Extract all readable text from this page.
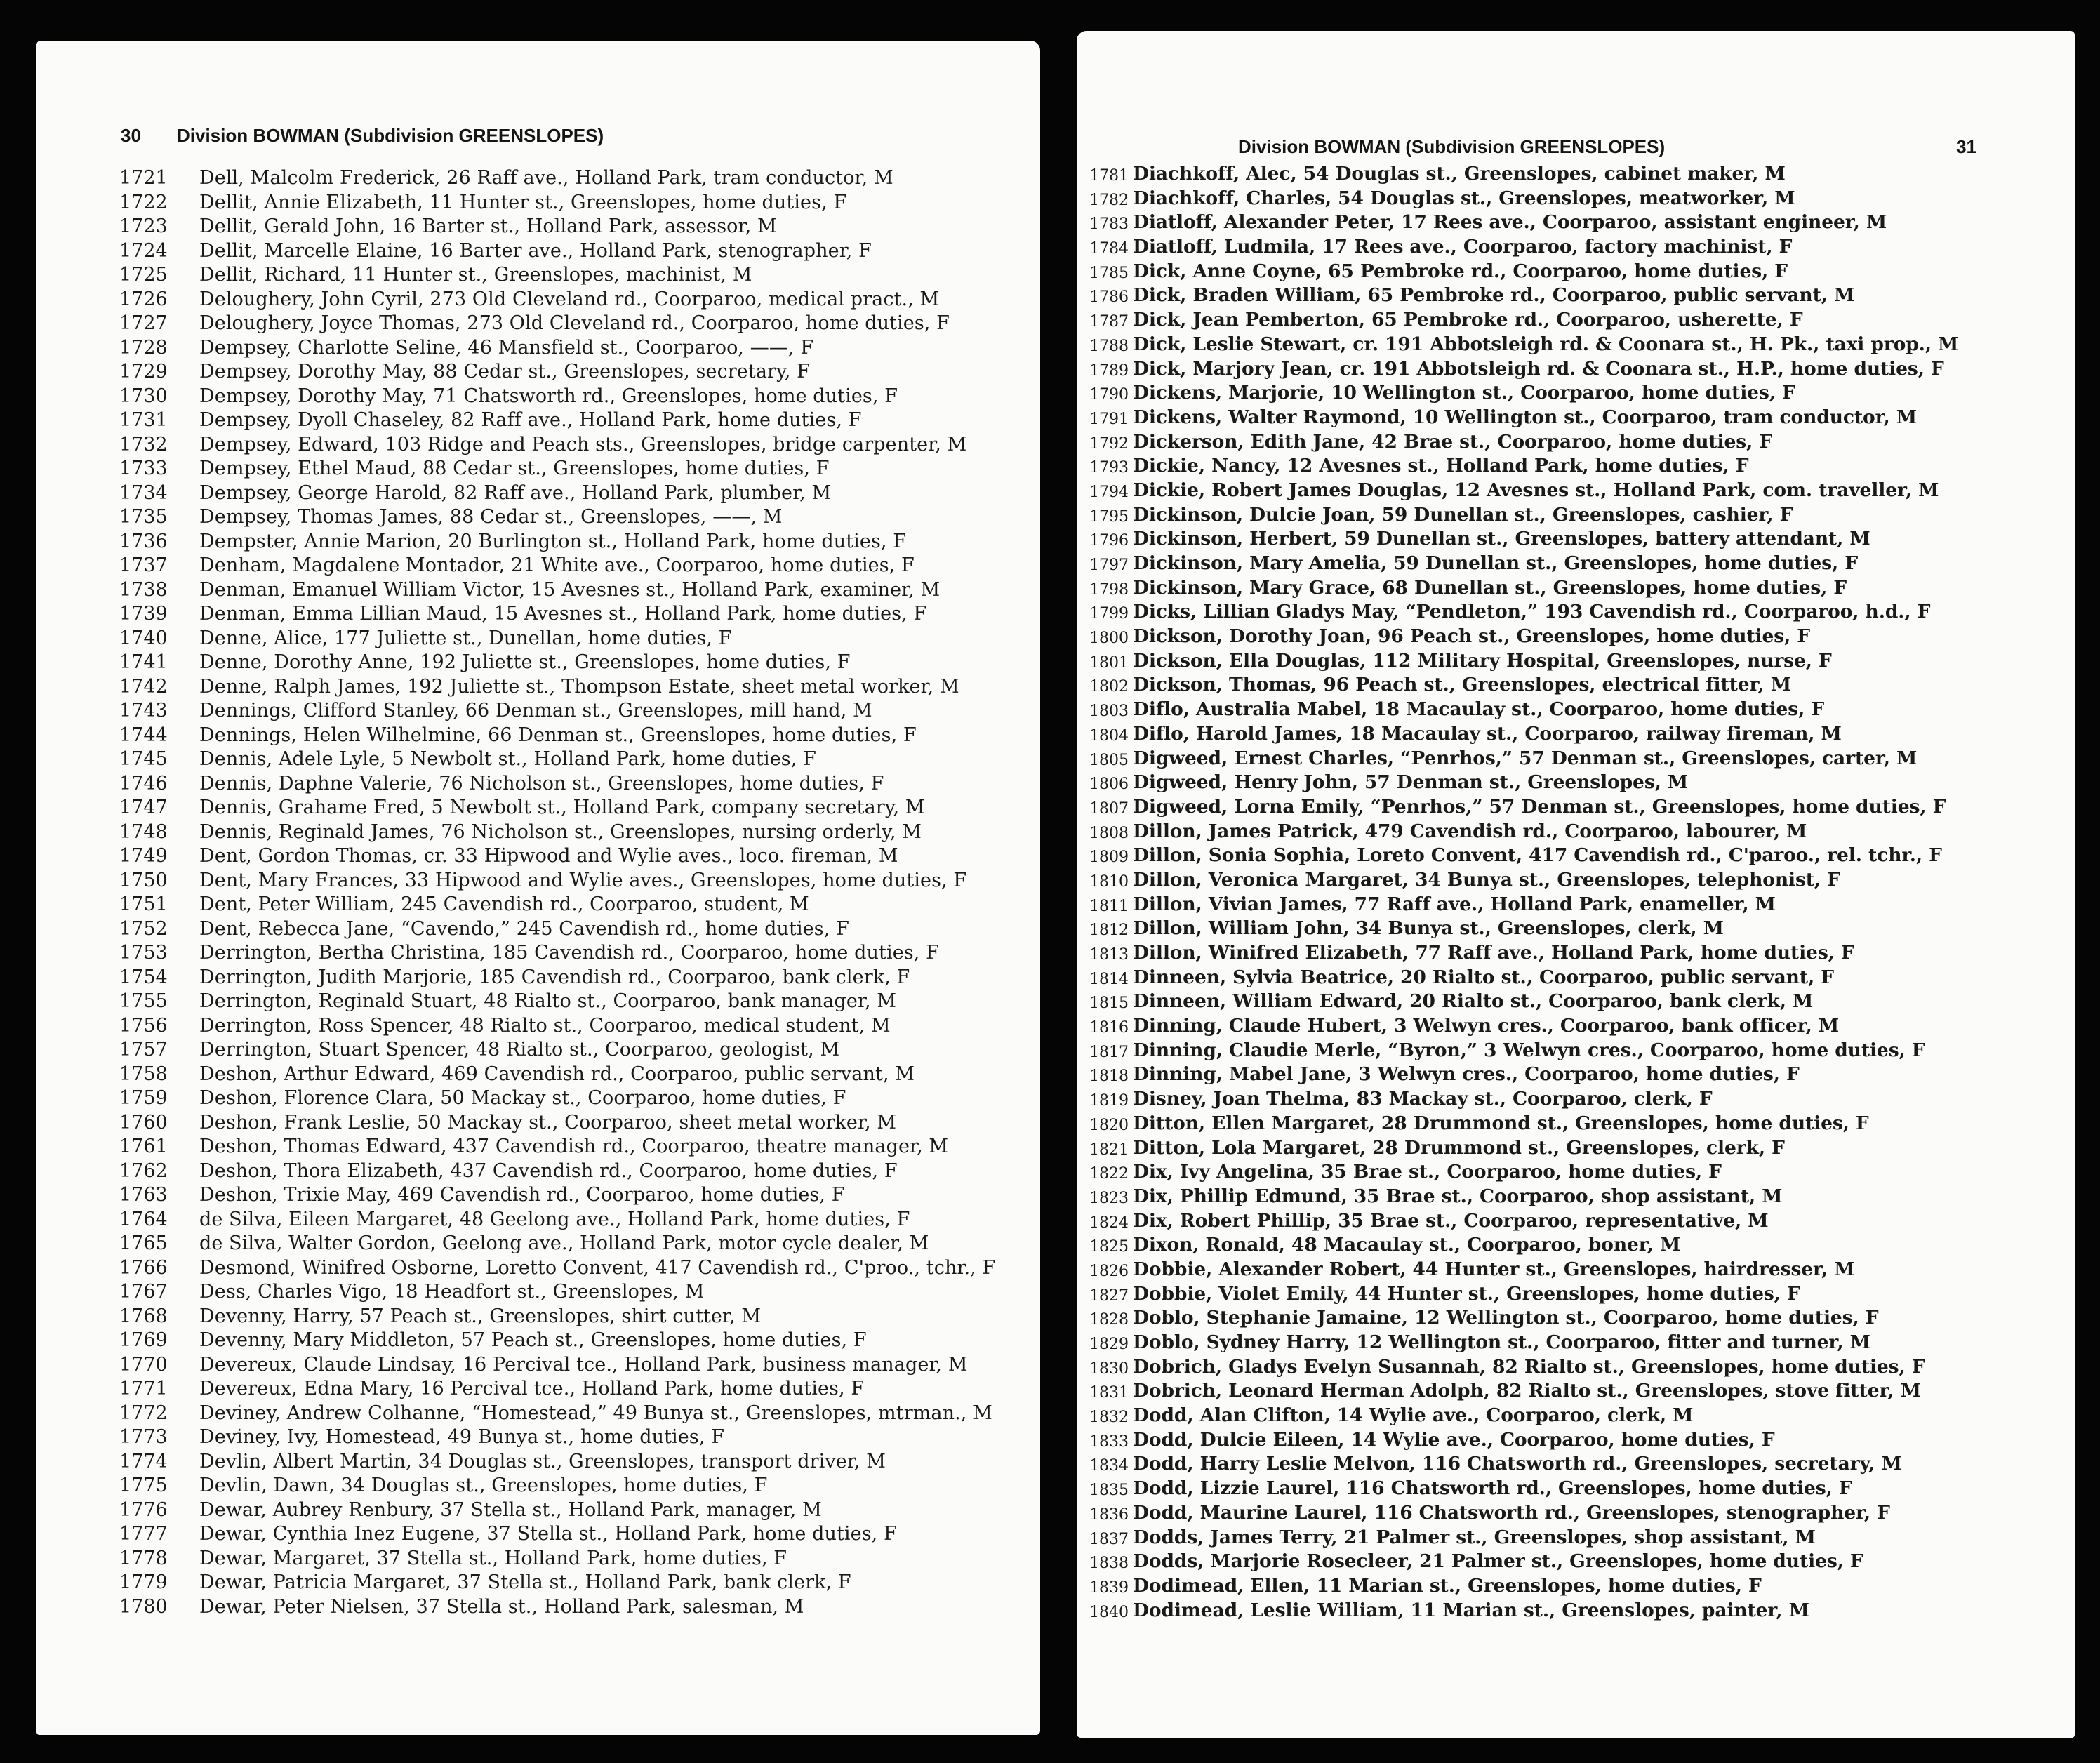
30	Division BOWMAN (Subdivision GREENSLOPES)
1721	Dell, Malcolm Frederick, 26 Raff ave., Holland Park, tram conductor, M
1722	Dellit, Annie Elizabeth, 11 Hunter st., Greenslopes, home duties, F
1723	Dellit, Gerald John, 16 Barter st., Holland Park, assessor, M
1724	Dellit, Marcelle Elaine, 16 Barter ave., Holland Park, stenographer, F
1725	Dellit, Richard, 11 Hunter st., Greenslopes, machinist, M
1726	Deloughery, John Cyril, 273 Old Cleveland rd., Coorparoo, medical pract., M
1727	Deloughery, Joyce Thomas, 273 Old Cleveland rd., Coorparoo, home duties, F
1728	Dempsey, Charlotte Seline, 46 Mansfield st., Coorparoo, ——, F
1729	Dempsey, Dorothy May, 88 Cedar st., Greenslopes, secretary, F
1730	Dempsey, Dorothy May, 71 Chatsworth rd., Greenslopes, home duties, F
1731	Dempsey, Dyoll Chaseley, 82 Raff ave., Holland Park, home duties, F
1732	Dempsey, Edward, 103 Ridge and Peach sts., Greenslopes, bridge carpenter, M
1733	Dempsey, Ethel Maud, 88 Cedar st., Greenslopes, home duties, F
1734	Dempsey, George Harold, 82 Raff ave., Holland Park, plumber, M
1735	Dempsey, Thomas James, 88 Cedar st., Greenslopes, ——, M
1736	Dempster, Annie Marion, 20 Burlington st., Holland Park, home duties, F
1737	Denham, Magdalene Montador, 21 White ave., Coorparoo, home duties, F
1738	Denman, Emanuel William Victor, 15 Avesnes st., Holland Park, examiner, M
1739	Denman, Emma Lillian Maud, 15 Avesnes st., Holland Park, home duties, F
1740	Denne, Alice, 177 Juliette st., Dunellan, home duties, F
1741	Denne, Dorothy Anne, 192 Juliette st., Greenslopes, home duties, F
1742	Denne, Ralph James, 192 Juliette st., Thompson Estate, sheet metal worker, M
1743	Dennings, Clifford Stanley, 66 Denman st., Greenslopes, mill hand, M
1744	Dennings, Helen Wilhelmine, 66 Denman st., Greenslopes, home duties, F
1745	Dennis, Adele Lyle, 5 Newbolt st., Holland Park, home duties, F
1746	Dennis, Daphne Valerie, 76 Nicholson st., Greenslopes, home duties, F
1747	Dennis, Grahame Fred, 5 Newbolt st., Holland Park, company secretary, M
1748	Dennis, Reginald James, 76 Nicholson st., Greenslopes, nursing orderly, M
1749	Dent, Gordon Thomas, cr. 33 Hipwood and Wylie aves., loco. fireman, M
1750	Dent, Mary Frances, 33 Hipwood and Wylie aves., Greenslopes, home duties, F
1751	Dent, Peter William, 245 Cavendish rd., Coorparoo, student, M
1752	Dent, Rebecca Jane, “Cavendo,” 245 Cavendish rd., home duties, F
1753	Derrington, Bertha Christina, 185 Cavendish rd., Coorparoo, home duties, F
1754	Derrington, Judith Marjorie, 185 Cavendish rd., Coorparoo, bank clerk, F
1755	Derrington, Reginald Stuart, 48 Rialto st., Coorparoo, bank manager, M
1756	Derrington, Ross Spencer, 48 Rialto st., Coorparoo, medical student, M
1757	Derrington, Stuart Spencer, 48 Rialto st., Coorparoo, geologist, M
1758	Deshon, Arthur Edward, 469 Cavendish rd., Coorparoo, public servant, M
1759	Deshon, Florence Clara, 50 Mackay st., Coorparoo, home duties, F
1760	Deshon, Frank Leslie, 50 Mackay st., Coorparoo, sheet metal worker, M
1761	Deshon, Thomas Edward, 437 Cavendish rd., Coorparoo, theatre manager, M
1762	Deshon, Thora Elizabeth, 437 Cavendish rd., Coorparoo, home duties, F
1763	Deshon, Trixie May, 469 Cavendish rd., Coorparoo, home duties, F
1764	de Silva, Eileen Margaret, 48 Geelong ave., Holland Park, home duties, F
1765	de Silva, Walter Gordon, Geelong ave., Holland Park, motor cycle dealer, M
1766	Desmond, Winifred Osborne, Loretto Convent, 417 Cavendish rd., C'proo., tchr., F
1767	Dess, Charles Vigo, 18 Headfort st., Greenslopes, M
1768	Devenny, Harry, 57 Peach st., Greenslopes, shirt cutter, M
1769	Devenny, Mary Middleton, 57 Peach st., Greenslopes, home duties, F
1770	Devereux, Claude Lindsay, 16 Percival tce., Holland Park, business manager, M
1771	Devereux, Edna Mary, 16 Percival tce., Holland Park, home duties, F
1772	Deviney, Andrew Colhanne, “Homestead,” 49 Bunya st., Greenslopes, mtrman., M
1773	Deviney, Ivy, Homestead, 49 Bunya st., home duties, F
1774	Devlin, Albert Martin, 34 Douglas st., Greenslopes, transport driver, M
1775	Devlin, Dawn, 34 Douglas st., Greenslopes, home duties, F
1776	Dewar, Aubrey Renbury, 37 Stella st., Holland Park, manager, M
1777	Dewar, Cynthia Inez Eugene, 37 Stella st., Holland Park, home duties, F
1778	Dewar, Margaret, 37 Stella st., Holland Park, home duties, F
1779	Dewar, Patricia Margaret, 37 Stella st., Holland Park, bank clerk, F
1780	Dewar, Peter Nielsen, 37 Stella st., Holland Park, salesman, M
Division BOWMAN (Subdivision GREENSLOPES)	31
1781 Diachkoff, Alec, 54 Douglas st., Greenslopes, cabinet maker, M
1782 Diachkoff, Charles, 54 Douglas st., Greenslopes, meatworker, M
1783 Diatloff, Alexander Peter, 17 Rees ave., Coorparoo, assistant engineer, M
1784 Diatloff, Ludmila, 17 Rees ave., Coorparoo, factory machinist, F
1785 Dick, Anne Coyne, 65 Pembroke rd., Coorparoo, home duties, F
1786 Dick, Braden William, 65 Pembroke rd., Coorparoo, public servant, M
1787 Dick, Jean Pemberton, 65 Pembroke rd., Coorparoo, usherette, F
1788 Dick, Leslie Stewart, cr. 191 Abbotsleigh rd. & Coonara st., H. Pk., taxi prop., M
1789 Dick, Marjory Jean, cr. 191 Abbotsleigh rd. & Coonara st., H.P., home duties, F
1790 Dickens, Marjorie, 10 Wellington st., Coorparoo, home duties, F
1791 Dickens, Walter Raymond, 10 Wellington st., Coorparoo, tram conductor, M
1792 Dickerson, Edith Jane, 42 Brae st., Coorparoo, home duties, F
1793 Dickie, Nancy, 12 Avesnes st., Holland Park, home duties, F
1794 Dickie, Robert James Douglas, 12 Avesnes st., Holland Park, com. traveller, M
1795 Dickinson, Dulcie Joan, 59 Dunellan st., Greenslopes, cashier, F
1796 Dickinson, Herbert, 59 Dunellan st., Greenslopes, battery attendant, M
1797 Dickinson, Mary Amelia, 59 Dunellan st., Greenslopes, home duties, F
1798 Dickinson, Mary Grace, 68 Dunellan st., Greenslopes, home duties, F
1799 Dicks, Lillian Gladys May, “Pendleton,” 193 Cavendish rd., Coorparoo, h.d., F
1800 Dickson, Dorothy Joan, 96 Peach st., Greenslopes, home duties, F
1801 Dickson, Ella Douglas, 112 Military Hospital, Greenslopes, nurse, F
1802 Dickson, Thomas, 96 Peach st., Greenslopes, electrical fitter, M
1803 Diflo, Australia Mabel, 18 Macaulay st., Coorparoo, home duties, F
1804 Diflo, Harold James, 18 Macaulay st., Coorparoo, railway fireman, M
1805 Digweed, Ernest Charles, “Penrhos,” 57 Denman st., Greenslopes, carter, M
1806 Digweed, Henry John, 57 Denman st., Greenslopes, M
1807 Digweed, Lorna Emily, “Penrhos,” 57 Denman st., Greenslopes, home duties, F
1808 Dillon, James Patrick, 479 Cavendish rd., Coorparoo, labourer, M
1809 Dillon, Sonia Sophia, Loreto Convent, 417 Cavendish rd., C'paroo., rel. tchr., F
1810 Dillon, Veronica Margaret, 34 Bunya st., Greenslopes, telephonist, F
1811 Dillon, Vivian James, 77 Raff ave., Holland Park, enameller, M
1812 Dillon, William John, 34 Bunya st., Greenslopes, clerk, M
1813 Dillon, Winifred Elizabeth, 77 Raff ave., Holland Park, home duties, F
1814 Dinneen, Sylvia Beatrice, 20 Rialto st., Coorparoo, public servant, F
1815 Dinneen, William Edward, 20 Rialto st., Coorparoo, bank clerk, M
1816 Dinning, Claude Hubert, 3 Welwyn cres., Coorparoo, bank officer, M
1817 Dinning, Claudie Merle, “Byron,” 3 Welwyn cres., Coorparoo, home duties, F
1818 Dinning, Mabel Jane, 3 Welwyn cres., Coorparoo, home duties, F
1819 Disney, Joan Thelma, 83 Mackay st., Coorparoo, clerk, F
1820 Ditton, Ellen Margaret, 28 Drummond st., Greenslopes, home duties, F
1821 Ditton, Lola Margaret, 28 Drummond st., Greenslopes, clerk, F
1822 Dix, Ivy Angelina, 35 Brae st., Coorparoo, home duties, F
1823 Dix, Phillip Edmund, 35 Brae st., Coorparoo, shop assistant, M
1824 Dix, Robert Phillip, 35 Brae st., Coorparoo, representative, M
1825 Dixon, Ronald, 48 Macaulay st., Coorparoo, boner, M
1826 Dobbie, Alexander Robert, 44 Hunter st., Greenslopes, hairdresser, M
1827 Dobbie, Violet Emily, 44 Hunter st., Greenslopes, home duties, F
1828 Doblo, Stephanie Jamaine, 12 Wellington st., Coorparoo, home duties, F
1829 Doblo, Sydney Harry, 12 Wellington st., Coorparoo, fitter and turner, M
1830 Dobrich, Gladys Evelyn Susannah, 82 Rialto st., Greenslopes, home duties, F
1831 Dobrich, Leonard Herman Adolph, 82 Rialto st., Greenslopes, stove fitter, M
1832 Dodd, Alan Clifton, 14 Wylie ave., Coorparoo, clerk, M
1833 Dodd, Dulcie Eileen, 14 Wylie ave., Coorparoo, home duties, F
1834 Dodd, Harry Leslie Melvon, 116 Chatsworth rd., Greenslopes, secretary, M
1835 Dodd, Lizzie Laurel, 116 Chatsworth rd., Greenslopes, home duties, F
1836 Dodd, Maurine Laurel, 116 Chatsworth rd., Greenslopes, stenographer, F
1837 Dodds, James Terry, 21 Palmer st., Greenslopes, shop assistant, M
1838 Dodds, Marjorie Rosecleer, 21 Palmer st., Greenslopes, home duties, F
1839 Dodimead, Ellen, 11 Marian st., Greenslopes, home duties, F
1840 Dodimead, Leslie William, 11 Marian st., Greenslopes, painter, M
